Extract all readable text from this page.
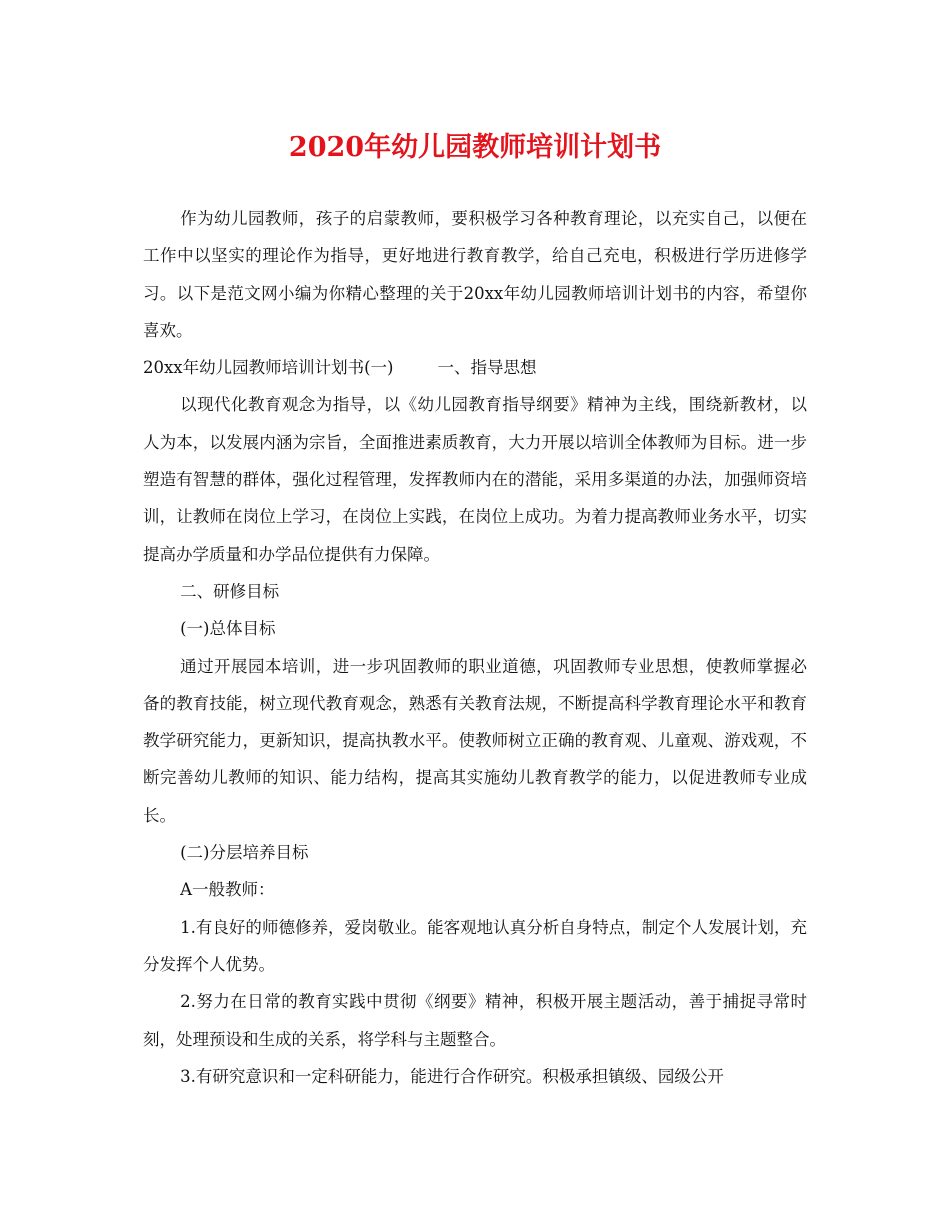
2020年幼儿园教师培训计划书

作为幼儿园教师，孩子的启蒙教师，要积极学习各种教育理论，以充实自己，以便在工作中以坚实的理论作为指导，更好地进行教育教学，给自己充电，积极进行学历进修学习。以下是范文网小编为你精心整理的关于20xx年幼儿园教师培训计划书的内容，希望你喜欢。

20xx年幼儿园教师培训计划书(一)	一、指导思想

以现代化教育观念为指导，以《幼儿园教育指导纲要》精神为主线，围绕新教材，以人为本，以发展内涵为宗旨，全面推进素质教育，大力开展以培训全体教师为目标。进一步塑造有智慧的群体，强化过程管理，发挥教师内在的潜能，采用多渠道的办法，加强师资培训，让教师在岗位上学习，在岗位上实践，在岗位上成功。为着力提高教师业务水平，切实提高办学质量和办学品位提供有力保障。

二、研修目标

(一)总体目标

通过开展园本培训，进一步巩固教师的职业道德，巩固教师专业思想，使教师掌握必备的教育技能，树立现代教育观念，熟悉有关教育法规，不断提高科学教育理论水平和教育教学研究能力，更新知识，提高执教水平。使教师树立正确的教育观、儿童观、游戏观，不断完善幼儿教师的知识、能力结构，提高其实施幼儿教育教学的能力，以促进教师专业成长。

(二)分层培养目标

A一般教师：

1.有良好的师德修养，爱岗敬业。能客观地认真分析自身特点，制定个人发展计划，充分发挥个人优势。

2.努力在日常的教育实践中贯彻《纲要》精神，积极开展主题活动，善于捕捉寻常时刻，处理预设和生成的关系，将学科与主题整合。

3.有研究意识和一定科研能力，能进行合作研究。积极承担镇级、园级公开
